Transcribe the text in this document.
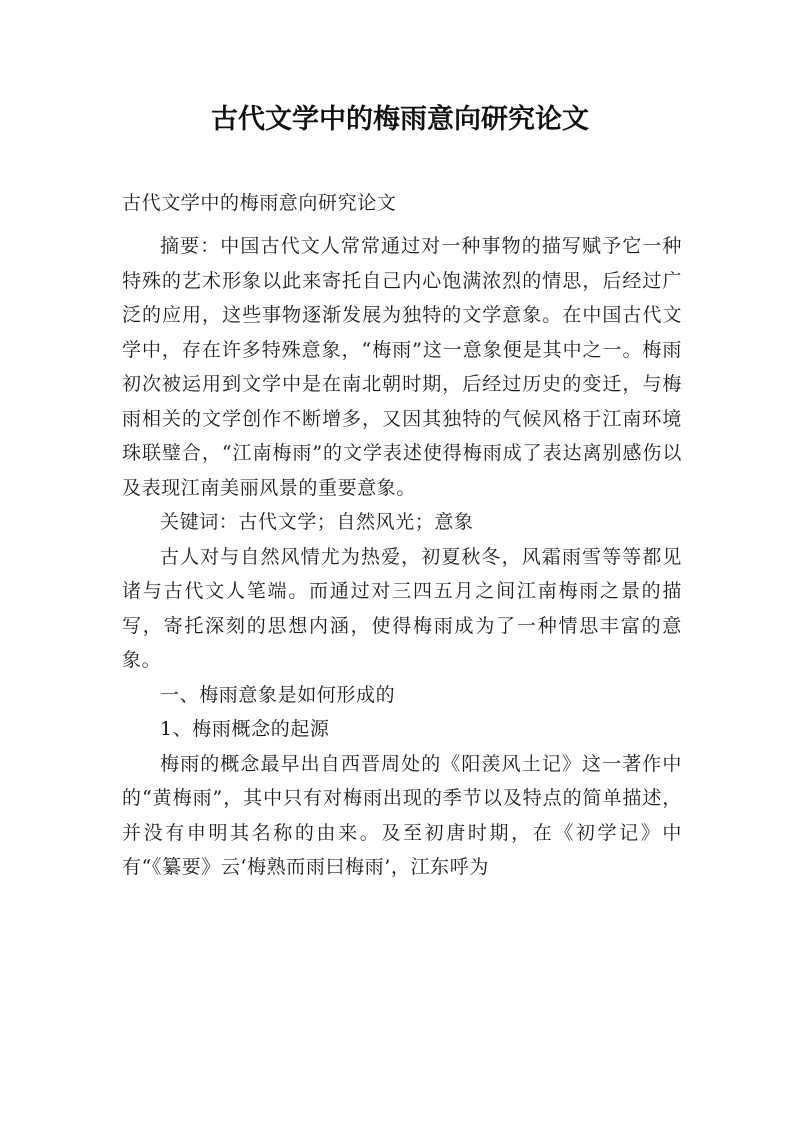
古代文学中的梅雨意向研究论文

古代文学中的梅雨意向研究论文

摘要：中国古代文人常常通过对一种事物的描写赋予它一种特殊的艺术形象以此来寄托自己内心饱满浓烈的情思，后经过广泛的应用，这些事物逐渐发展为独特的文学意象。在中国古代文学中，存在许多特殊意象，“梅雨”这一意象便是其中之一。梅雨初次被运用到文学中是在南北朝时期，后经过历史的变迁，与梅雨相关的文学创作不断增多，又因其独特的气候风格于江南环境珠联璧合，“江南梅雨”的文学表述使得梅雨成了表达离别感伤以及表现江南美丽风景的重要意象。

关键词：古代文学；自然风光；意象

古人对与自然风情尤为热爱，初夏秋冬，风霜雨雪等等都见诸与古代文人笔端。而通过对三四五月之间江南梅雨之景的描写，寄托深刻的思想内涵，使得梅雨成为了一种情思丰富的意象。

一、梅雨意象是如何形成的

1、梅雨概念的起源

梅雨的概念最早出自西晋周处的《阳羡风土记》这一著作中的“黄梅雨”，其中只有对梅雨出现的季节以及特点的简单描述，并没有申明其名称的由来。及至初唐时期，在《初学记》中有“《纂要》云‘梅熟而雨曰梅雨’，江东呼为
